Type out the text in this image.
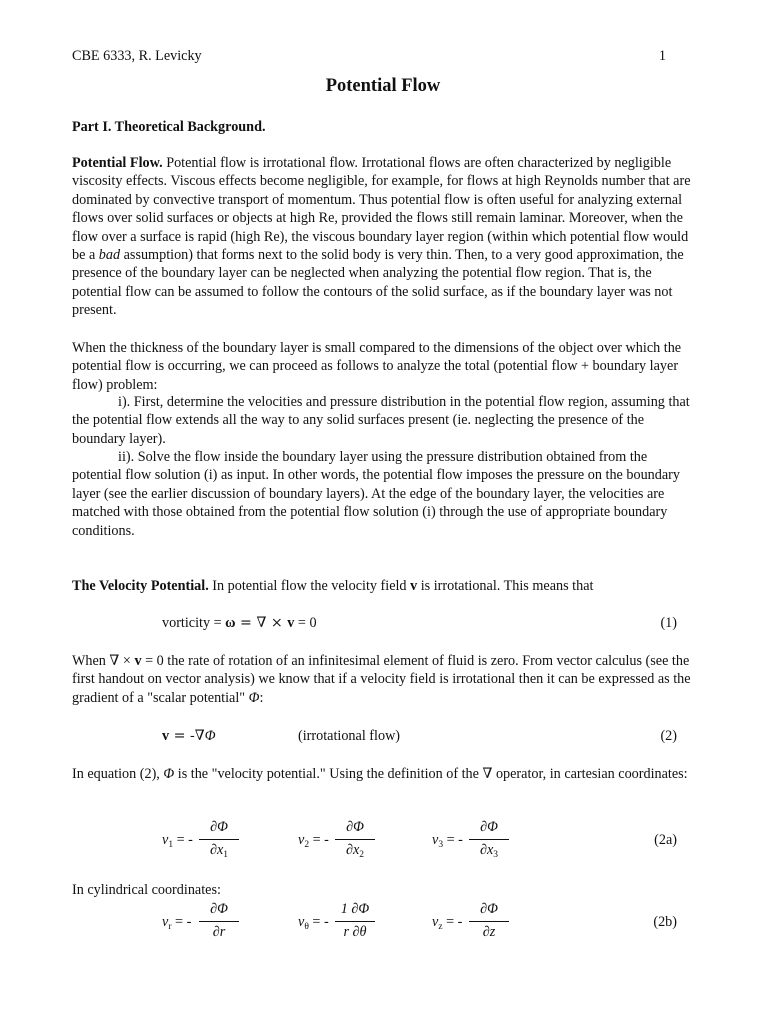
CBE 6333, R. Levicky	1
Potential Flow

Part I. Theoretical Background.

Potential Flow. Potential flow is irrotational flow. Irrotational flows are often characterized by negligible viscosity effects. Viscous effects become negligible, for example, for flows at high Reynolds number that are dominated by convective transport of momentum. Thus potential flow is often useful for analyzing external flows over solid surfaces or objects at high Re, provided the flows still remain laminar. Moreover, when the flow over a surface is rapid (high Re), the viscous boundary layer region (within which potential flow would be a bad assumption) that forms next to the solid body is very thin. Then, to a very good approximation, the presence of the boundary layer can be neglected when analyzing the potential flow region. That is, the potential flow can be assumed to follow the contours of the solid surface, as if the boundary layer was not present.

When the thickness of the boundary layer is small compared to the dimensions of the object over which the potential flow is occurring, we can proceed as follows to analyze the total (potential flow + boundary layer flow) problem:

i). First, determine the velocities and pressure distribution in the potential flow region, assuming that the potential flow extends all the way to any solid surfaces present (ie. neglecting the presence of the boundary layer).

ii). Solve the flow inside the boundary layer using the pressure distribution obtained from the potential flow solution (i) as input. In other words, the potential flow imposes the pressure on the boundary layer (see the earlier discussion of boundary layers). At the edge of the boundary layer, the velocities are matched with those obtained from the potential flow solution (i) through the use of appropriate boundary conditions.

The Velocity Potential. In potential flow the velocity field v is irrotational. This means that

vorticity = ω = ∇ × v = 0	(1)

When ∇ × v = 0 the rate of rotation of an infinitesimal element of fluid is zero. From vector calculus (see the first handout on vector analysis) we know that if a velocity field is irrotational then it can be expressed as the gradient of a "scalar potential" Φ:

v = -∇Φ	(irrotational flow)	(2)

In equation (2), Φ is the "velocity potential." Using the definition of the ∇ operator, in cartesian coordinates:

$v_1$ = -
∂Φ
$\partial x_1$
$v_2$ = -
∂Φ
$\partial x_2$
$v_3$ = -
∂Φ
$\partial x_3$
(2a)

In cylindrical coordinates:

$v_r$ = -
∂Φ
∂r
$v_\theta$ = -
1 ∂Φ
r ∂θ
$v_z$ = -
∂Φ
∂z
(2b)
